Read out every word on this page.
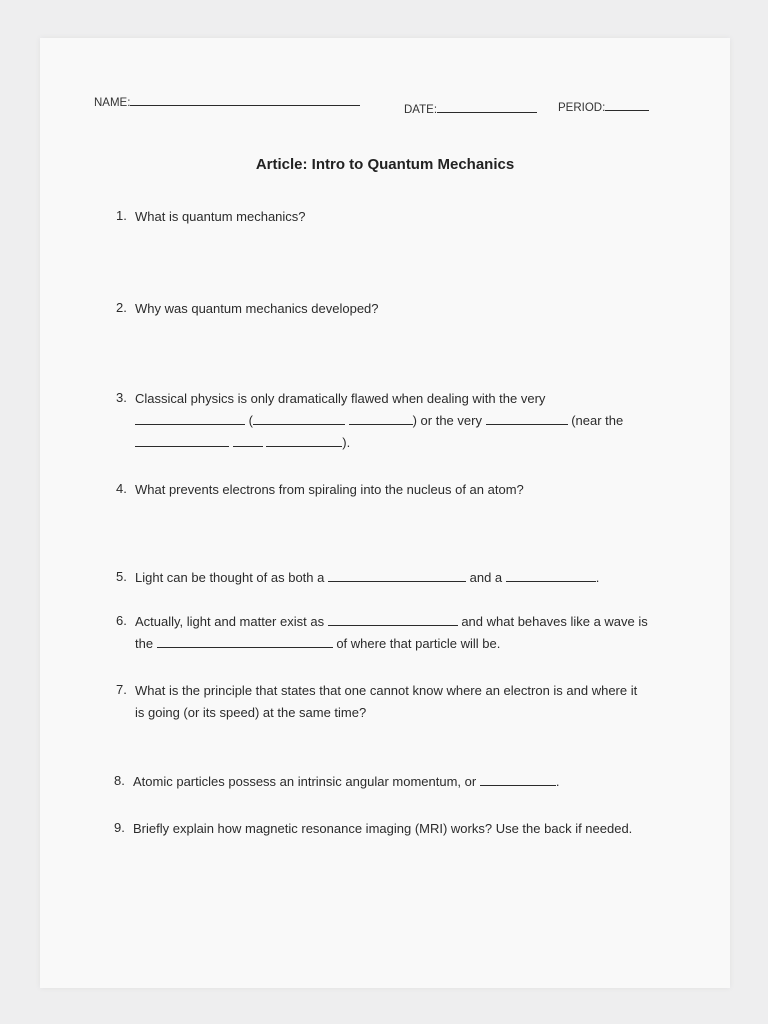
NAME:
DATE:	PERIOD:
Article: Intro to Quantum Mechanics
1. What is quantum mechanics?
2. Why was quantum mechanics developed?
3. Classical physics is only dramatically flawed when dealing with the very
(	) or the very	(near the
).
4. What prevents electrons from spiraling into the nucleus of an atom?
5. Light can be thought of as both a	and a	.
6. Actually, light and matter exist as	and what behaves like a wave is
the	of where that particle will be.
7. What is the principle that states that one cannot know where an electron is and where it
is going (or its speed) at the same time?
8. Atomic particles possess an intrinsic angular momentum, or	.
9. Briefly explain how magnetic resonance imaging (MRI) works? Use the back if needed.
